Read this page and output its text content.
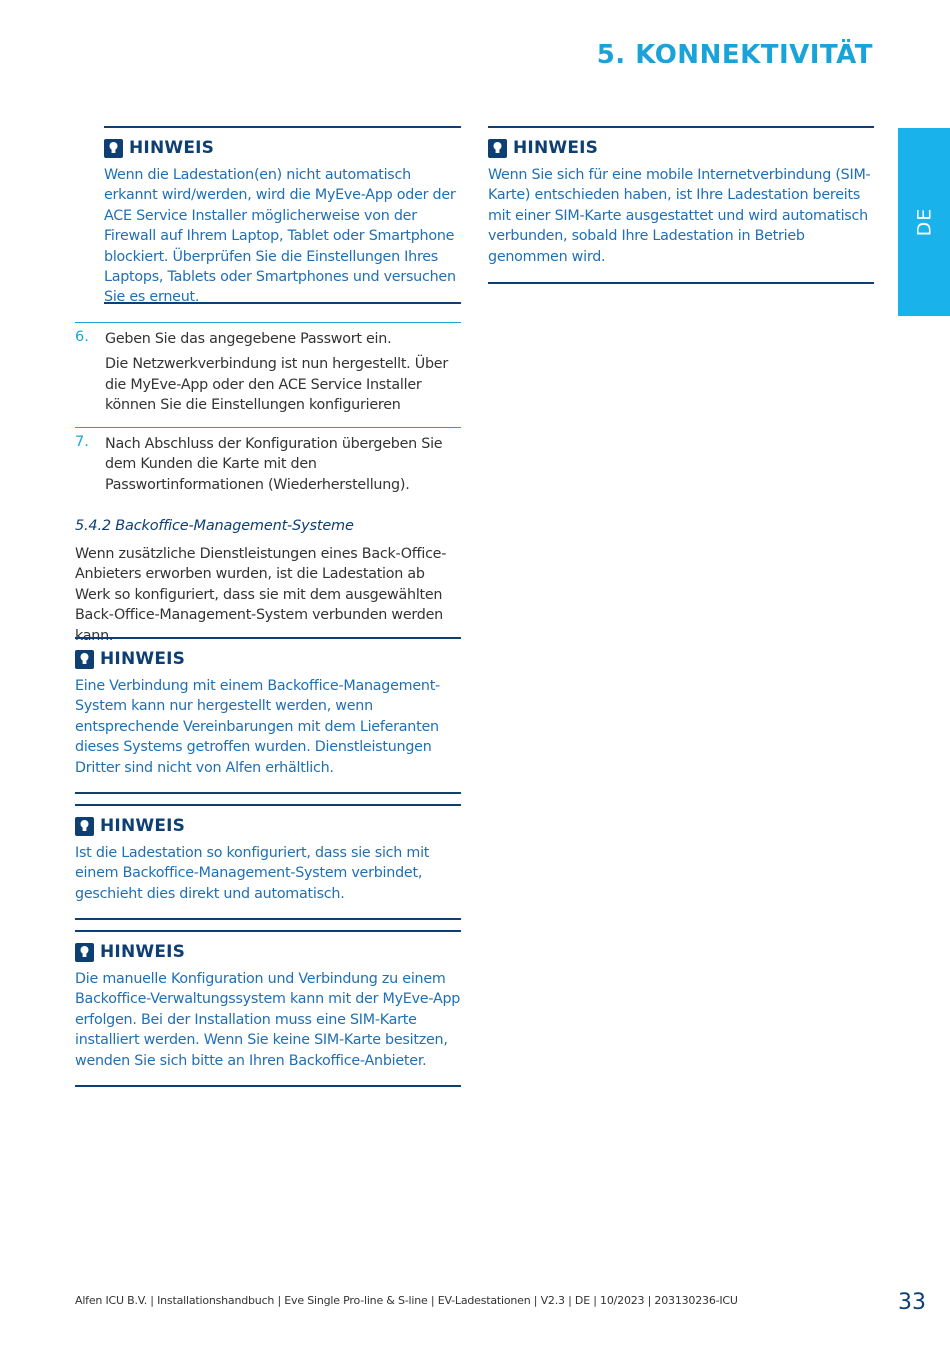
5. KONNEKTIVITÄT
DE
HINWEIS
Wenn die Ladestation(en) nicht automatisch erkannt wird/werden, wird die MyEve-App oder der ACE Service Installer möglicherweise von der Firewall auf Ihrem Laptop, Tablet oder Smartphone blockiert. Überprüfen Sie die Einstellungen Ihres Laptops, Tablets oder Smartphones und versuchen Sie es erneut.
HINWEIS
Wenn Sie sich für eine mobile Internetverbindung (SIM-Karte) entschieden haben, ist Ihre Ladestation bereits mit einer SIM-Karte ausgestattet und wird automatisch verbunden, sobald Ihre Ladestation in Betrieb genommen wird.
6. Geben Sie das angegebene Passwort ein.

Die Netzwerkverbindung ist nun hergestellt. Über die MyEve-App oder den ACE Service Installer können Sie die Einstellungen konfigurieren

7. Nach Abschluss der Konfiguration übergeben Sie dem Kunden die Karte mit den Passwortinformationen (Wiederherstellung).

5.4.2 Backoffice-Management-Systeme

Wenn zusätzliche Dienstleistungen eines Back-Office-Anbieters erworben wurden, ist die Ladestation ab Werk so konfiguriert, dass sie mit dem ausgewählten Back-Office-Management-System verbunden werden kann.

HINWEIS
Eine Verbindung mit einem Backoffice-Management-System kann nur hergestellt werden, wenn entsprechende Vereinbarungen mit dem Lieferanten dieses Systems getroffen wurden. Dienstleistungen Dritter sind nicht von Alfen erhältlich.
HINWEIS
Ist die Ladestation so konfiguriert, dass sie sich mit einem Backoffice-Management-System verbindet, geschieht dies direkt und automatisch.
HINWEIS
Die manuelle Konfiguration und Verbindung zu einem Backoffice-Verwaltungssystem kann mit der MyEve-App erfolgen. Bei der Installation muss eine SIM-Karte installiert werden. Wenn Sie keine SIM-Karte besitzen, wenden Sie sich bitte an Ihren Backoffice-Anbieter.
Alfen ICU B.V. | Installationshandbuch | Eve Single Pro-line & S-line | EV-Ladestationen | V2.3 | DE | 10/2023 | 203130236-ICU	33
